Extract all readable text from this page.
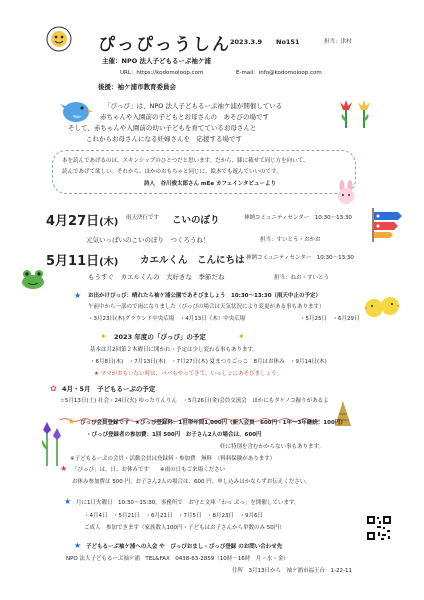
ぴっぴっうしん 2023.3.9 No151	担当：津村
主催：NPO 法人子どもるーぷ袖ケ浦
URL：https://kodomoloop.com	E-mail：info@kodomoloop.com
後援：袖ケ浦市教育委員会
「ぴっぴ」は、NPO 法人子どもるーぷ袖ケ浦が開催している
赤ちゃんや入園前の子どもとお母さんの　あそびの場です
そして、赤ちゃんや入園前の幼い子どもを育てているお母さんと
これからお母さんになる妊婦さんを　応援する場です
本を読んであげるのは、スキンシップのひとつだと思います。だから、膝に載せて同じ方を向いて、
読んであげて欲しい。それから、ほかのおもちゃと同じに、絵本でも遊んでいいのです。
詩人　谷川俊太郎さん mEe カフェインタビューより
4月27日(木) 雨天決行です こいのぼり	神納コミュニティセンター　10:30～13:30
元気いっぱいのこいのぼり　つくろうね！	担当：すいとう・おかお
5月11日(木) カエルくん　こんにちは 神納コミュニティセンター　10:30～13:30
もうすぐ　カエルくんの　大好きな　季節だね	担当：ねお・すいとう
★ お出かけぴっぴ：晴れたら袖ケ浦公園であそびましょう　10:30～13:30（雨天中止の予定）
午前中から一部ので雨になりました（ぴっぴの場合は天気状況により変更がある事もあります）
・3月23日(木)グラウンド中央広場　・4月13日（木）中央広場	・5月25日　・6月29日
✦ 2023 年度の「ぴっぴ」の予定	✦
基本は月2回第２木曜日に開かれ・予定は少し変わる事もあります。
・6月8日(木)　・7月13日(木)　・7月27日(木) 夏まつりごっこ　8月はお休み　・9月14日(木)
★ ママがおもいない時は、パパもやってきて、いっしょにあそびましょう。
✿ 4月・5月　子どもるーぷの予定
☆5月13日(土) 社会・24日(火) ゆったりんりん　・5月26日(金)会員交流会　ほかにもタケノコ掘りがあるよ
★ ぴっぴ会員登録です　★ぴっぴ登録料：1世帯年間1,000円（新入会員　600円・1年～3年継続：100円）
・ぴっぴ登録者の参加費：1回 500円　お子さん2人の場合は、600円
妊に特別を含むかからない事もあります。
※子どもるーぷの会員・活動会員は登録料・参加費　無料　（料料保険があります）
★ 「ぴっぴ」は、日、お休みです　　※雨の日もご来場ください
お休み参加費は 500 円。お子さん2人の場合は、600 円。申し込みはかならずお伝えください。
★ 月に1日火曜日　10:30～15:30。事務所で　お守と文庫「わっ ぷっ」を開催しています。
・4月4日　・5月21日　・6月21日　・7月5日　・8月23日　・9月6日
ご成人　参加できます（家族数人100円・子どもはお子さんから単数のみ 50円）
★ 子どもるーぷ袖ケ浦への入会 や　ぴっぴおまし・ぴっぴ登録 のお問い合わせ先
NPO 法人子どもるーぷ袖ケ浦　TEL&FAX　0438-63-2859（10時～16時　月・水・金）
住所　3月13日から　袖ケ浦市福王台　1-22-11
